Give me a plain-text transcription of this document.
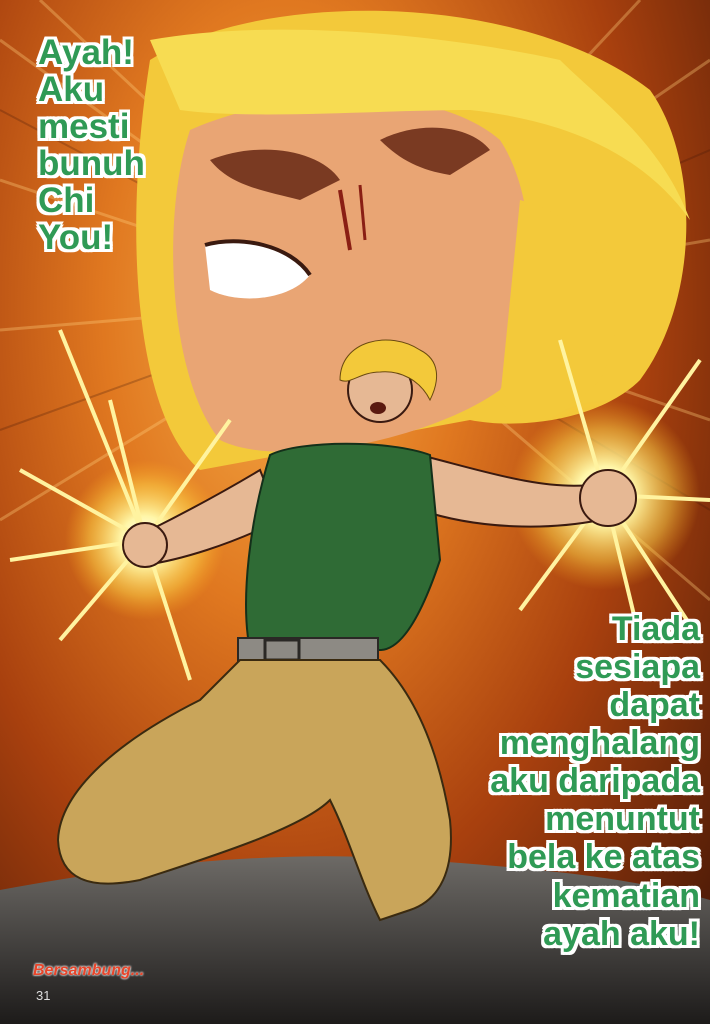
Ayah!
Aku
mesti
bunuh
Chi
You!
Tiada
sesiapa
dapat
menghalang
aku daripada
menuntut
bela ke atas
kematian
ayah aku!
Bersambung...
31
